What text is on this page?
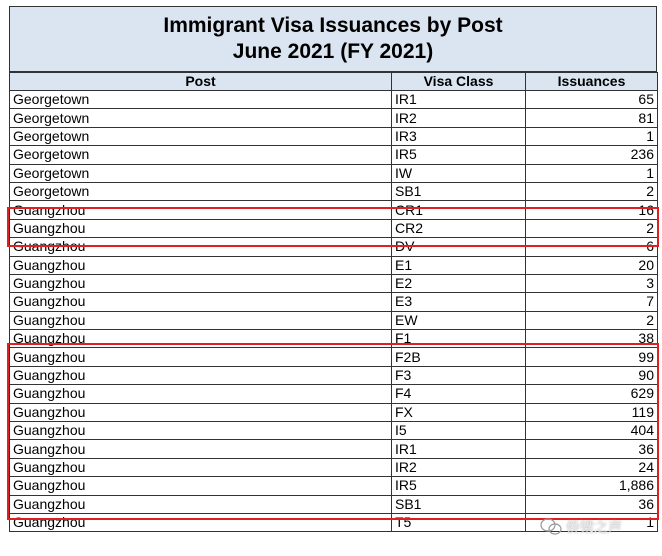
Immigrant Visa Issuances by Post
June 2021 (FY 2021)
Post	Visa Class	Issuances
Georgetown	IR1	65
Georgetown	IR2	81
Georgetown	IR3	1
Georgetown	IR5	236
Georgetown	IW	1
Georgetown	SB1	2
Guangzhou	CR1	16
Guangzhou	CR2	2
Guangzhou	DV	6
Guangzhou	E1	20
Guangzhou	E2	3
Guangzhou	E3	7
Guangzhou	EW	2
Guangzhou	F1	38
Guangzhou	F2B	99
Guangzhou	F3	90
Guangzhou	F4	629
Guangzhou	FX	119
Guangzhou	I5	404
Guangzhou	IR1	36
Guangzhou	IR2	24
Guangzhou	IR5	1,886
Guangzhou	SB1	36
Guangzhou	T5	1
侨梁之声
